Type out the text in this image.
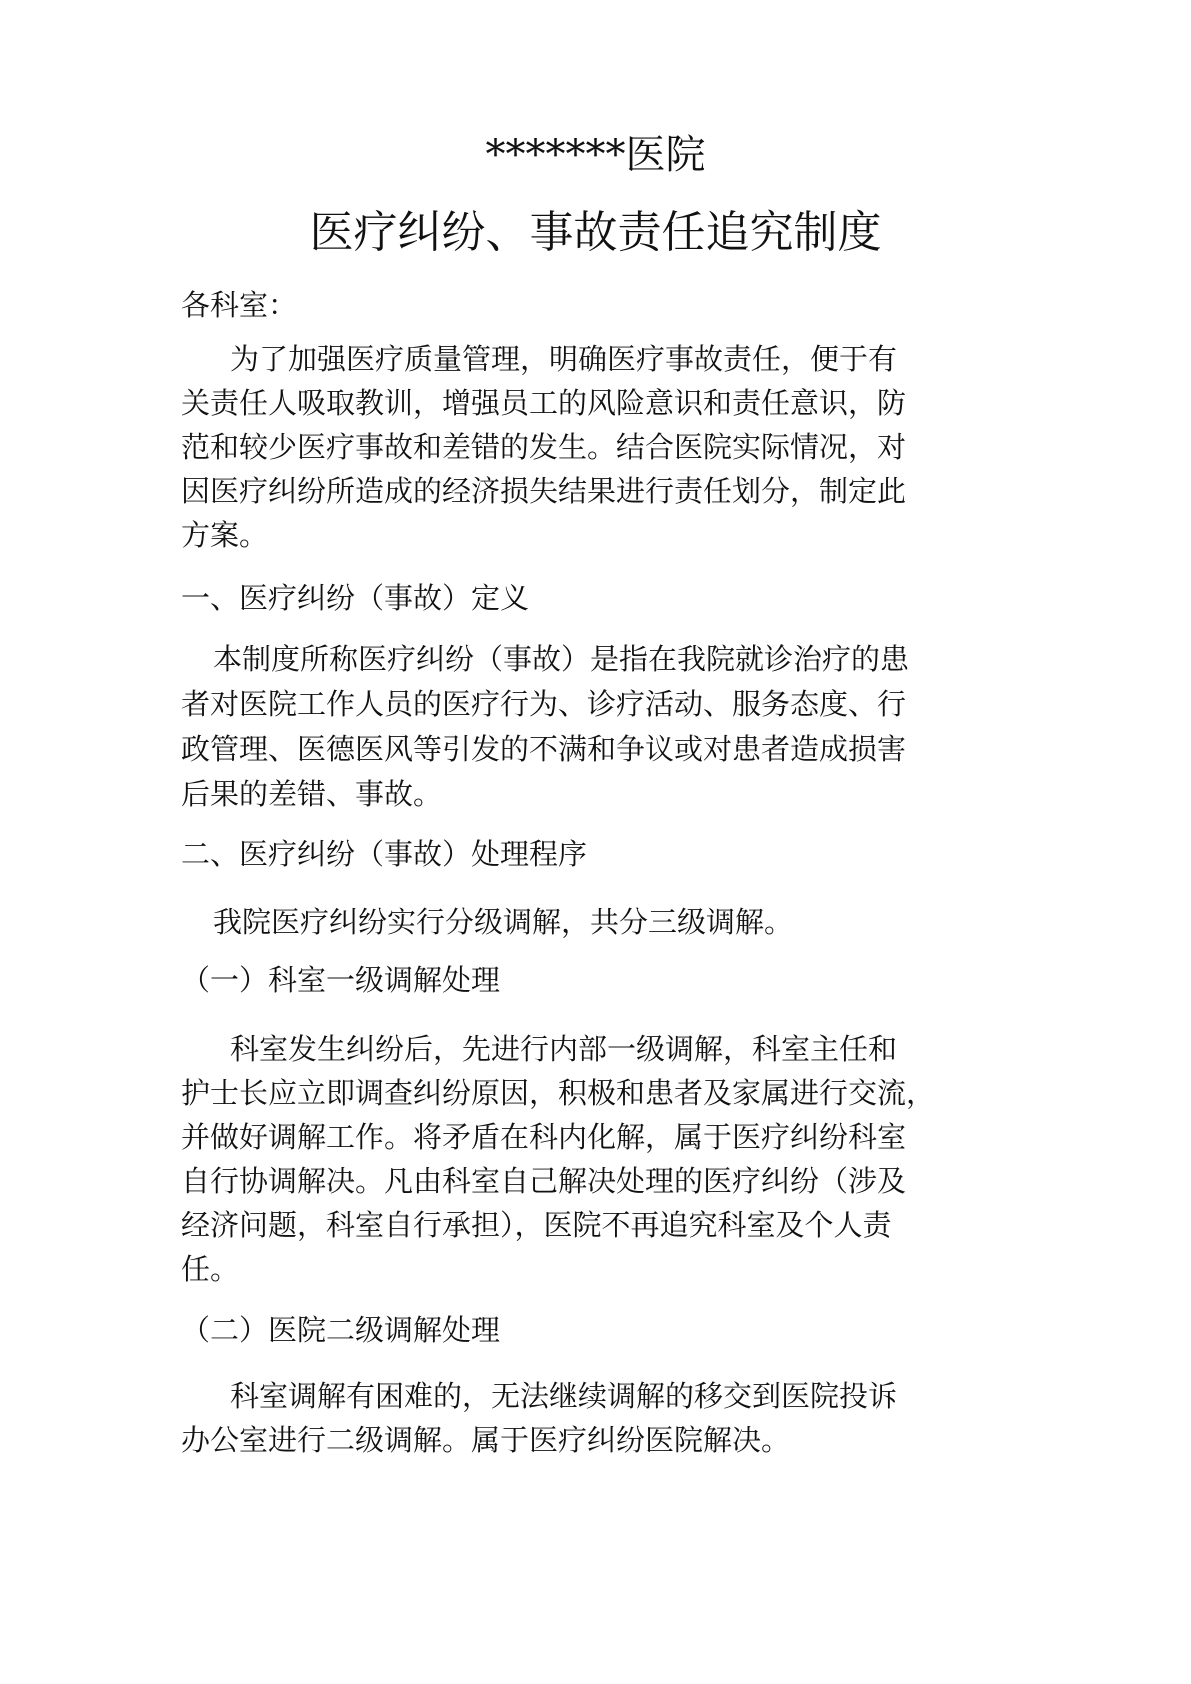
*******医院
医疗纠纷、事故责任追究制度
各科室：
为了加强医疗质量管理，明确医疗事故责任，便于有
关责任人吸取教训，增强员工的风险意识和责任意识，防
范和较少医疗事故和差错的发生。结合医院实际情况，对
因医疗纠纷所造成的经济损失结果进行责任划分，制定此
方案。
一、医疗纠纷（事故）定义
本制度所称医疗纠纷（事故）是指在我院就诊治疗的患
者对医院工作人员的医疗行为、诊疗活动、服务态度、行
政管理、医德医风等引发的不满和争议或对患者造成损害
后果的差错、事故。
二、医疗纠纷（事故）处理程序
我院医疗纠纷实行分级调解，共分三级调解。
（一）科室一级调解处理
科室发生纠纷后，先进行内部一级调解，科室主任和
护士长应立即调查纠纷原因，积极和患者及家属进行交流，
并做好调解工作。将矛盾在科内化解，属于医疗纠纷科室
自行协调解决。凡由科室自己解决处理的医疗纠纷（涉及
经济问题，科室自行承担），医院不再追究科室及个人责
任。
（二）医院二级调解处理
科室调解有困难的，无法继续调解的移交到医院投诉
办公室进行二级调解。属于医疗纠纷医院解决。
